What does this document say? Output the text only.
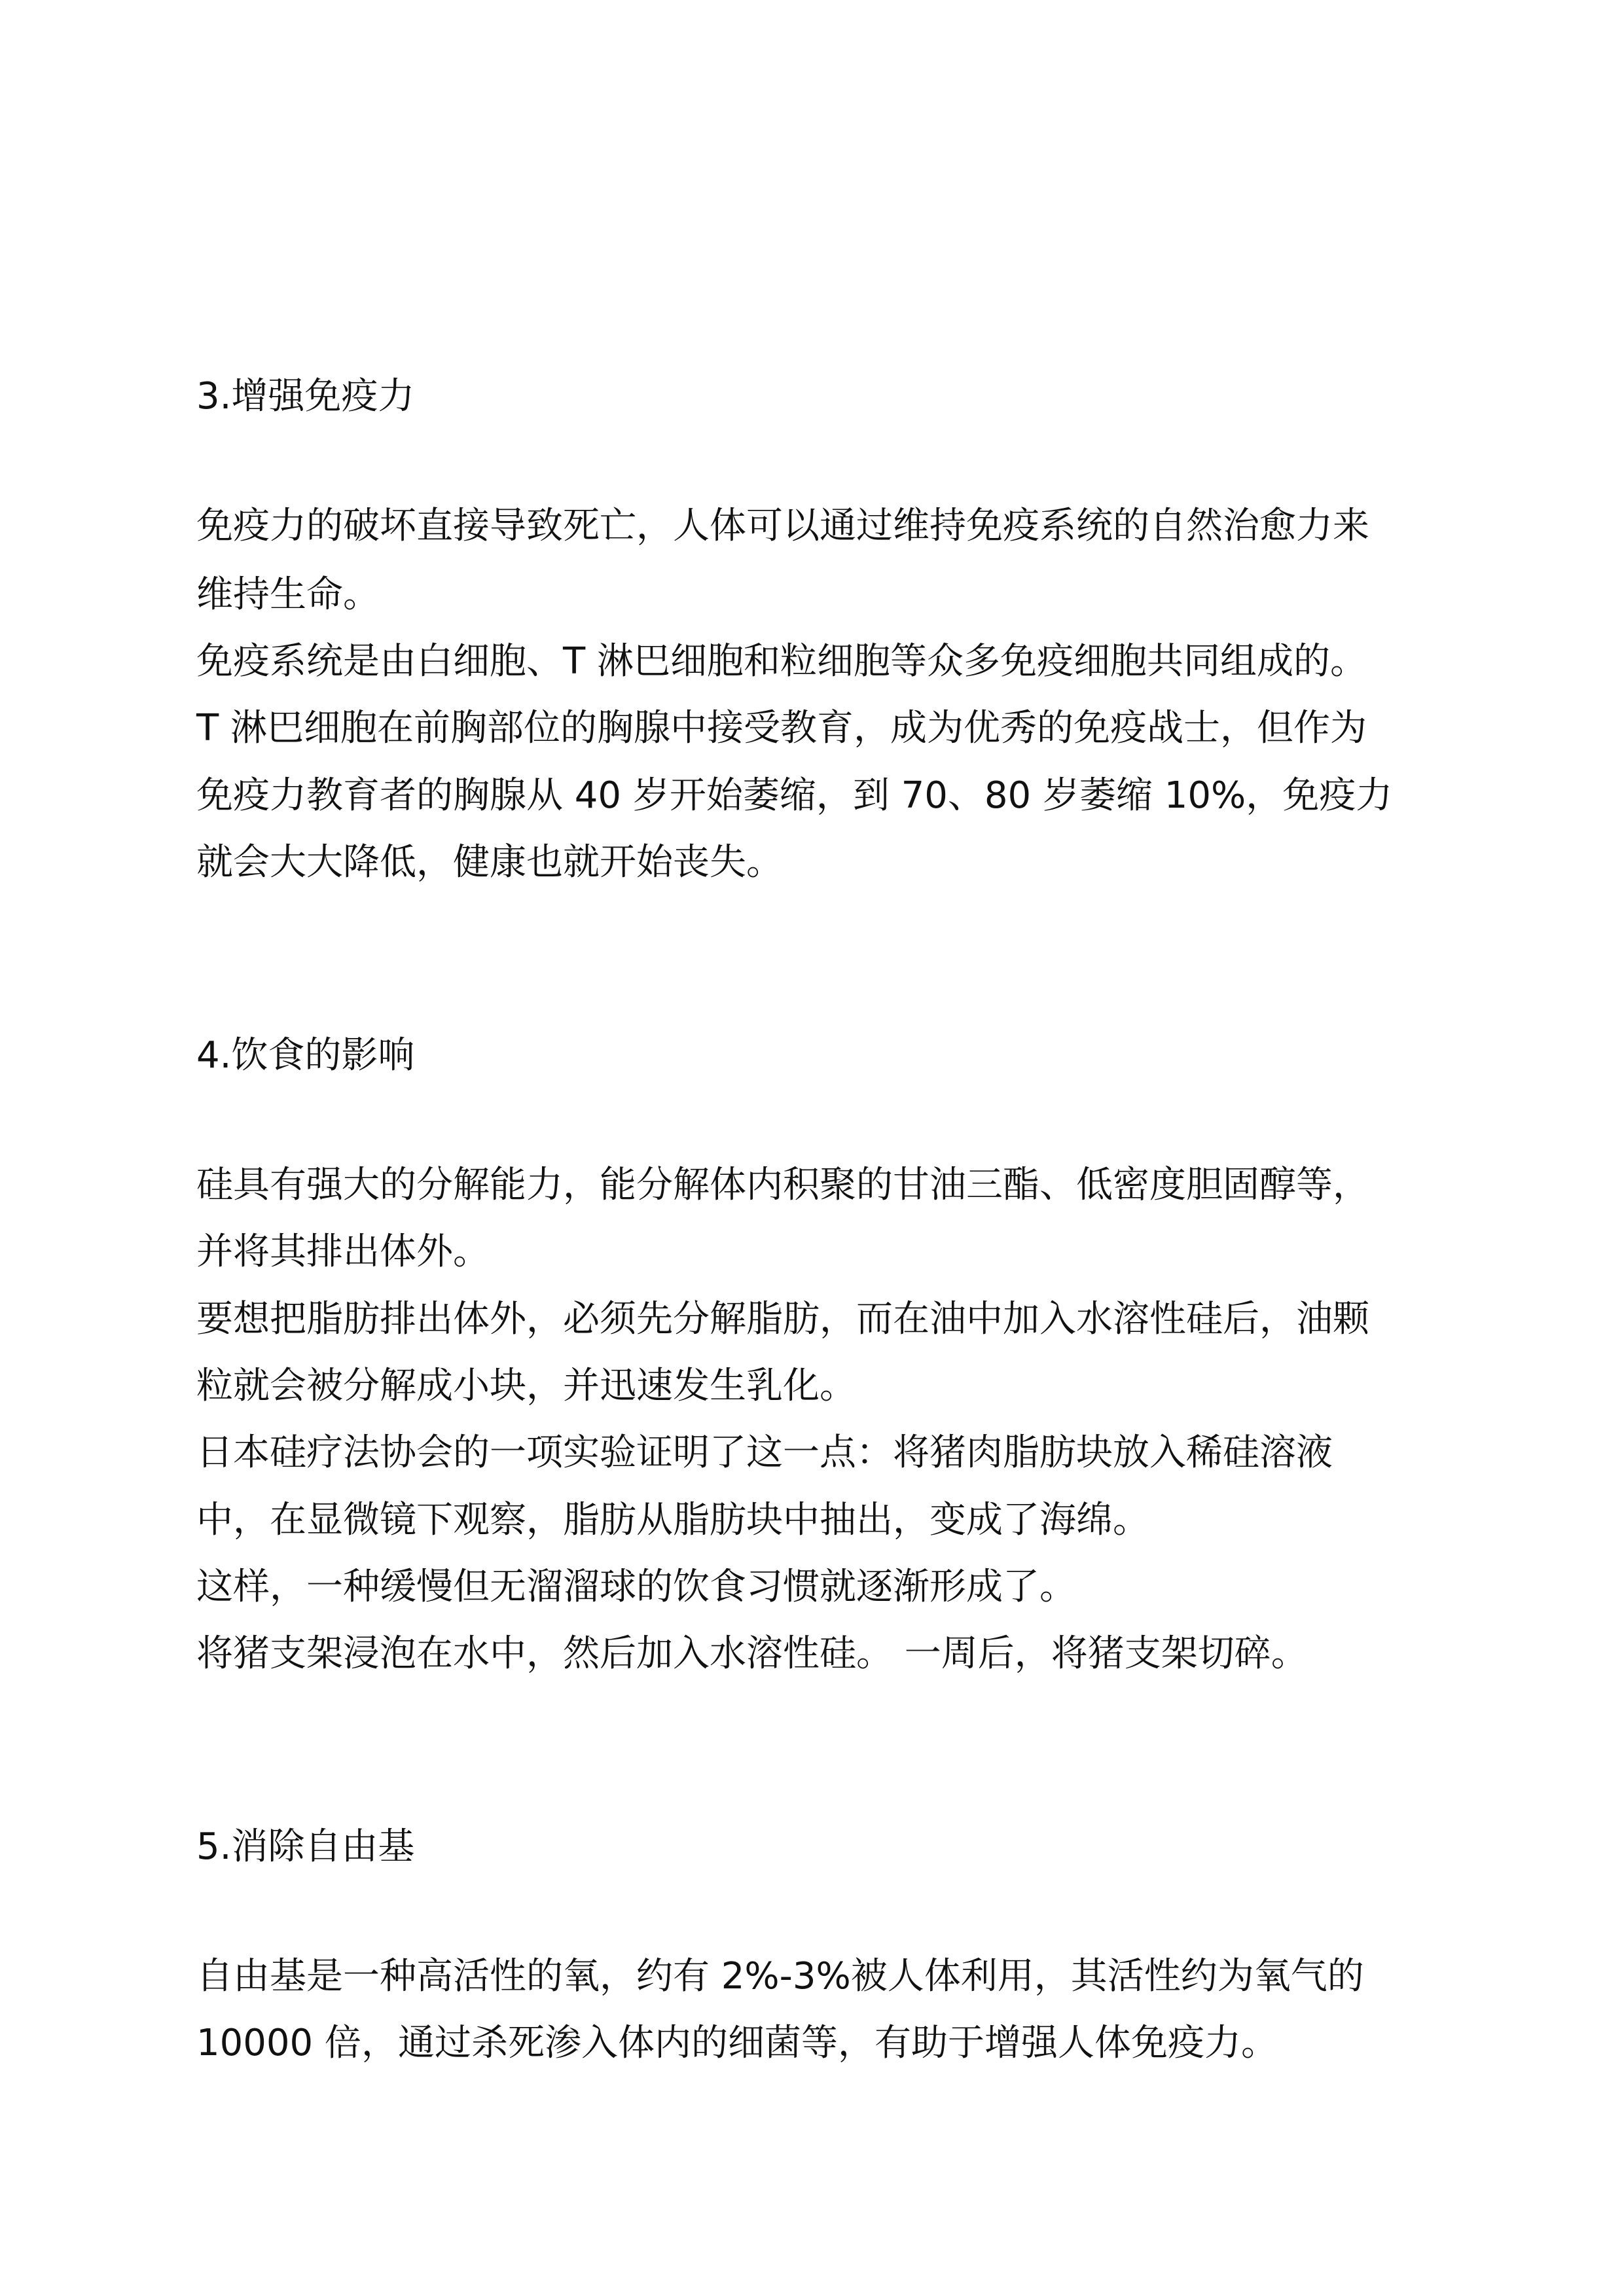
3.增强免疫力

免疫力的破坏直接导致死亡，人体可以通过维持免疫系统的自然治愈力来

维持生命。

免疫系统是由白细胞、T 淋巴细胞和粒细胞等众多免疫细胞共同组成的。

T 淋巴细胞在前胸部位的胸腺中接受教育，成为优秀的免疫战士，但作为

免疫力教育者的胸腺从 40 岁开始萎缩，到 70、80 岁萎缩 10%，免疫力

就会大大降低，健康也就开始丧失。

4.饮食的影响

硅具有强大的分解能力，能分解体内积聚的甘油三酯、低密度胆固醇等，

并将其排出体外。

要想把脂肪排出体外，必须先分解脂肪，而在油中加入水溶性硅后，油颗

粒就会被分解成小块，并迅速发生乳化。

日本硅疗法协会的一项实验证明了这一点：将猪肉脂肪块放入稀硅溶液

中，在显微镜下观察，脂肪从脂肪块中抽出，变成了海绵。

这样，一种缓慢但无溜溜球的饮食习惯就逐渐形成了。

将猪支架浸泡在水中，然后加入水溶性硅。 一周后，将猪支架切碎。

5.消除自由基

自由基是一种高活性的氧，约有 2%-3%被人体利用，其活性约为氧气的

10000 倍，通过杀死渗入体内的细菌等，有助于增强人体免疫力。
